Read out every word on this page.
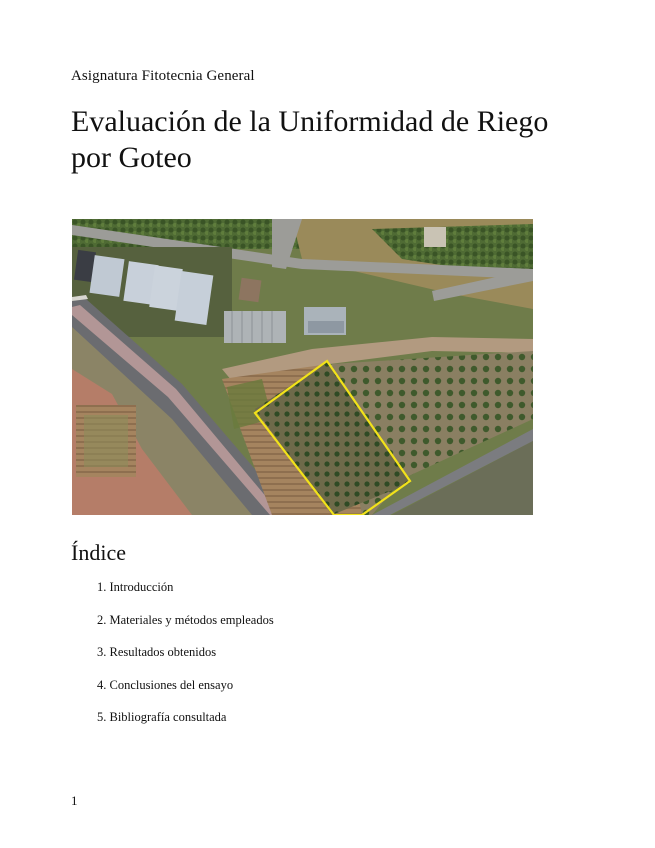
Asignatura Fitotecnia General
Evaluación de la Uniformidad de Riego por Goteo
Índice
1. Introducción
2. Materiales y métodos empleados
3. Resultados obtenidos
4. Conclusiones del ensayo
5. Bibliografía consultada
1
